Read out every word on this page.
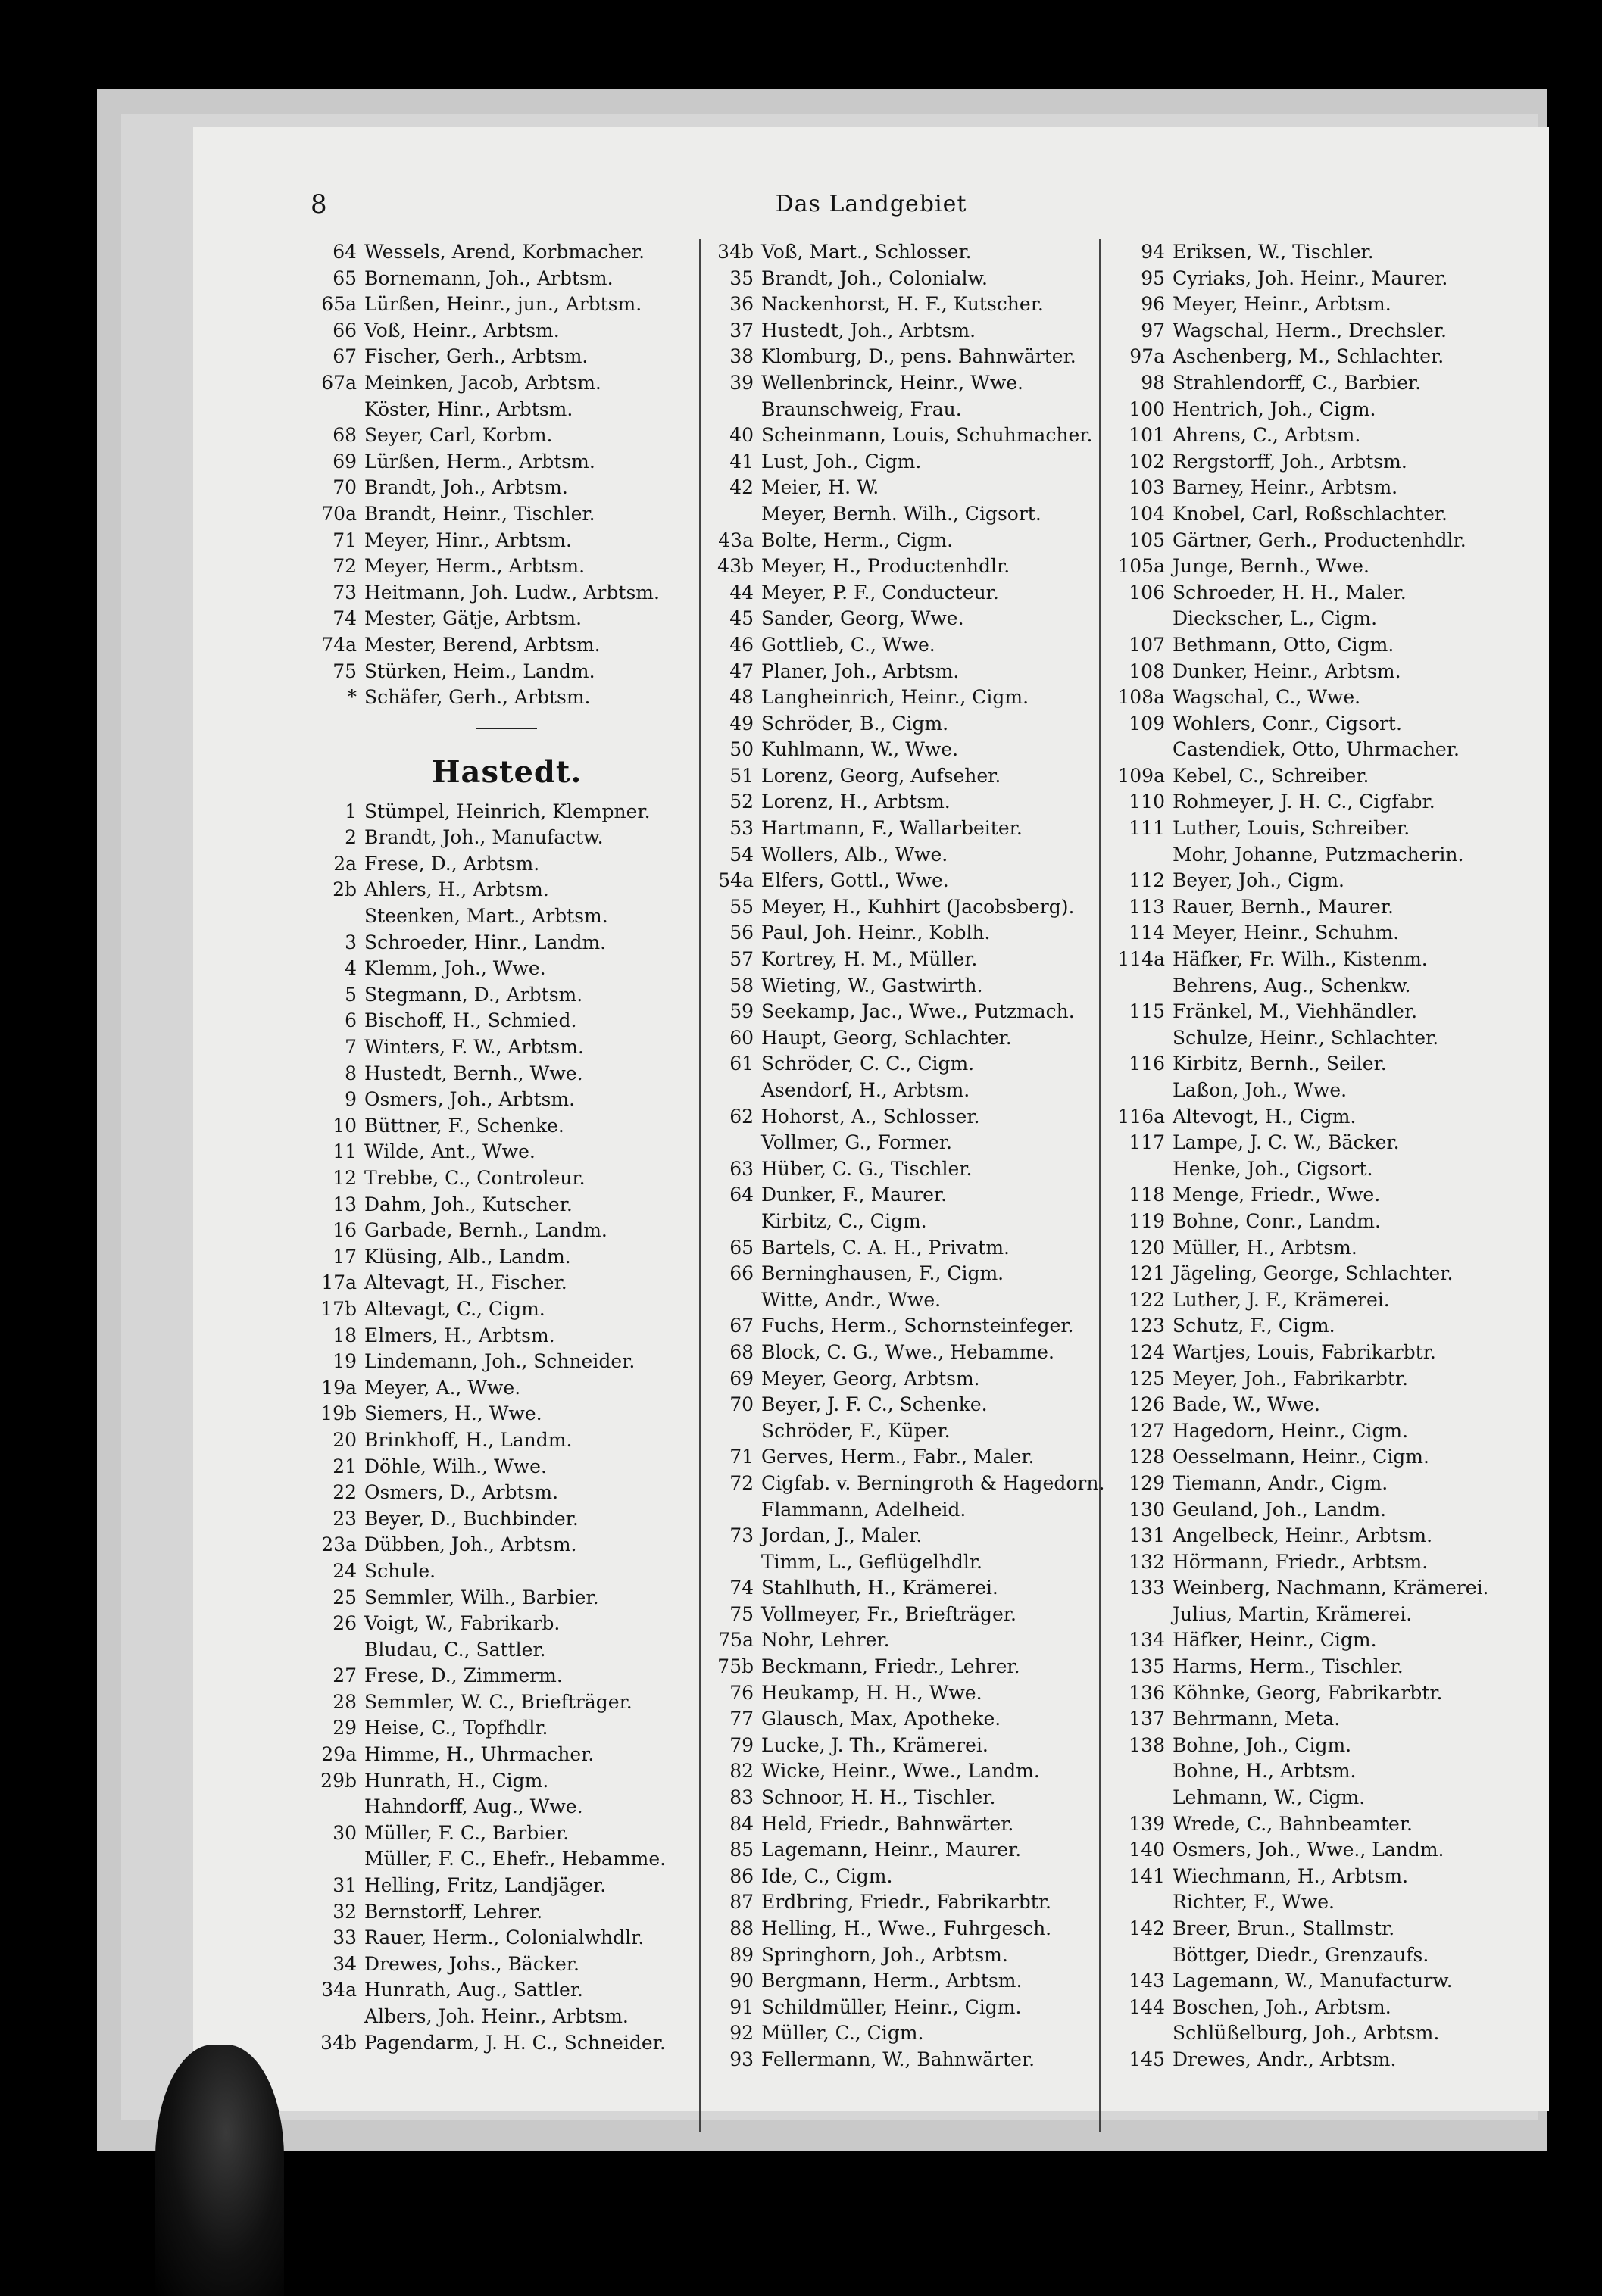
8	Das Landgebiet
64 Wessels, Arend, Korbmacher.
65 Bornemann, Joh., Arbtsm.
65a Lürßen, Heinr., jun., Arbtsm.
66 Voß, Heinr., Arbtsm.
67 Fischer, Gerh., Arbtsm.
67a Meinken, Jacob, Arbtsm.
Köster, Hinr., Arbtsm.
68 Seyer, Carl, Korbm.
69 Lürßen, Herm., Arbtsm.
70 Brandt, Joh., Arbtsm.
70a Brandt, Heinr., Tischler.
71 Meyer, Hinr., Arbtsm.
72 Meyer, Herm., Arbtsm.
73 Heitmann, Joh. Ludw., Arbtsm.
74 Mester, Gätje, Arbtsm.
74a Mester, Berend, Arbtsm.
75 Stürken, Heim., Landm.
* Schäfer, Gerh., Arbtsm.
Hastedt.
1 Stümpel, Heinrich, Klempner.
2 Brandt, Joh., Manufactw.
2a Frese, D., Arbtsm.
2b Ahlers, H., Arbtsm.
Steenken, Mart., Arbtsm.
3 Schroeder, Hinr., Landm.
4 Klemm, Joh., Wwe.
5 Stegmann, D., Arbtsm.
6 Bischoff, H., Schmied.
7 Winters, F. W., Arbtsm.
8 Hustedt, Bernh., Wwe.
9 Osmers, Joh., Arbtsm.
10 Büttner, F., Schenke.
11 Wilde, Ant., Wwe.
12 Trebbe, C., Controleur.
13 Dahm, Joh., Kutscher.
16 Garbade, Bernh., Landm.
17 Klüsing, Alb., Landm.
17a Altevagt, H., Fischer.
17b Altevagt, C., Cigm.
18 Elmers, H., Arbtsm.
19 Lindemann, Joh., Schneider.
19a Meyer, A., Wwe.
19b Siemers, H., Wwe.
20 Brinkhoff, H., Landm.
21 Döhle, Wilh., Wwe.
22 Osmers, D., Arbtsm.
23 Beyer, D., Buchbinder.
23a Dübben, Joh., Arbtsm.
24 Schule.
25 Semmler, Wilh., Barbier.
26 Voigt, W., Fabrikarb.
Bludau, C., Sattler.
27 Frese, D., Zimmerm.
28 Semmler, W. C., Briefträger.
29 Heise, C., Topfhdlr.
29a Himme, H., Uhrmacher.
29b Hunrath, H., Cigm.
Hahndorff, Aug., Wwe.
30 Müller, F. C., Barbier.
Müller, F. C., Ehefr., Hebamme.
31 Helling, Fritz, Landjäger.
32 Bernstorff, Lehrer.
33 Rauer, Herm., Colonialwhdlr.
34 Drewes, Johs., Bäcker.
34a Hunrath, Aug., Sattler.
Albers, Joh. Heinr., Arbtsm.
34b Pagendarm, J. H. C., Schneider.
34b Voß, Mart., Schlosser.
35 Brandt, Joh., Colonialw.
36 Nackenhorst, H. F., Kutscher.
37 Hustedt, Joh., Arbtsm.
38 Klomburg, D., pens. Bahnwärter.
39 Wellenbrinck, Heinr., Wwe.
Braunschweig, Frau.
40 Scheinmann, Louis, Schuhmacher.
41 Lust, Joh., Cigm.
42 Meier, H. W.
Meyer, Bernh. Wilh., Cigsort.
43a Bolte, Herm., Cigm.
43b Meyer, H., Productenhdlr.
44 Meyer, P. F., Conducteur.
45 Sander, Georg, Wwe.
46 Gottlieb, C., Wwe.
47 Planer, Joh., Arbtsm.
48 Langheinrich, Heinr., Cigm.
49 Schröder, B., Cigm.
50 Kuhlmann, W., Wwe.
51 Lorenz, Georg, Aufseher.
52 Lorenz, H., Arbtsm.
53 Hartmann, F., Wallarbeiter.
54 Wollers, Alb., Wwe.
54a Elfers, Gottl., Wwe.
55 Meyer, H., Kuhhirt (Jacobsberg).
56 Paul, Joh. Heinr., Koblh.
57 Kortrey, H. M., Müller.
58 Wieting, W., Gastwirth.
59 Seekamp, Jac., Wwe., Putzmach.
60 Haupt, Georg, Schlachter.
61 Schröder, C. C., Cigm.
Asendorf, H., Arbtsm.
62 Hohorst, A., Schlosser.
Vollmer, G., Former.
63 Hüber, C. G., Tischler.
64 Dunker, F., Maurer.
Kirbitz, C., Cigm.
65 Bartels, C. A. H., Privatm.
66 Berninghausen, F., Cigm.
Witte, Andr., Wwe.
67 Fuchs, Herm., Schornsteinfeger.
68 Block, C. G., Wwe., Hebamme.
69 Meyer, Georg, Arbtsm.
70 Beyer, J. F. C., Schenke.
Schröder, F., Küper.
71 Gerves, Herm., Fabr., Maler.
72 Cigfab. v. Berningroth & Hagedorn.
Flammann, Adelheid.
73 Jordan, J., Maler.
Timm, L., Geflügelhdlr.
74 Stahlhuth, H., Krämerei.
75 Vollmeyer, Fr., Briefträger.
75a Nohr, Lehrer.
75b Beckmann, Friedr., Lehrer.
76 Heukamp, H. H., Wwe.
77 Glausch, Max, Apotheke.
79 Lucke, J. Th., Krämerei.
82 Wicke, Heinr., Wwe., Landm.
83 Schnoor, H. H., Tischler.
84 Held, Friedr., Bahnwärter.
85 Lagemann, Heinr., Maurer.
86 Ide, C., Cigm.
87 Erdbring, Friedr., Fabrikarbtr.
88 Helling, H., Wwe., Fuhrgesch.
89 Springhorn, Joh., Arbtsm.
90 Bergmann, Herm., Arbtsm.
91 Schildmüller, Heinr., Cigm.
92 Müller, C., Cigm.
93 Fellermann, W., Bahnwärter.
94 Eriksen, W., Tischler.
95 Cyriaks, Joh. Heinr., Maurer.
96 Meyer, Heinr., Arbtsm.
97 Wagschal, Herm., Drechsler.
97a Aschenberg, M., Schlachter.
98 Strahlendorff, C., Barbier.
100 Hentrich, Joh., Cigm.
101 Ahrens, C., Arbtsm.
102 Rergstorff, Joh., Arbtsm.
103 Barney, Heinr., Arbtsm.
104 Knobel, Carl, Roßschlachter.
105 Gärtner, Gerh., Productenhdlr.
105a Junge, Bernh., Wwe.
106 Schroeder, H. H., Maler.
Dieckscher, L., Cigm.
107 Bethmann, Otto, Cigm.
108 Dunker, Heinr., Arbtsm.
108a Wagschal, C., Wwe.
109 Wohlers, Conr., Cigsort.
Castendiek, Otto, Uhrmacher.
109a Kebel, C., Schreiber.
110 Rohmeyer, J. H. C., Cigfabr.
111 Luther, Louis, Schreiber.
Mohr, Johanne, Putzmacherin.
112 Beyer, Joh., Cigm.
113 Rauer, Bernh., Maurer.
114 Meyer, Heinr., Schuhm.
114a Häfker, Fr. Wilh., Kistenm.
Behrens, Aug., Schenkw.
115 Fränkel, M., Viehhändler.
Schulze, Heinr., Schlachter.
116 Kirbitz, Bernh., Seiler.
Laßon, Joh., Wwe.
116a Altevogt, H., Cigm.
117 Lampe, J. C. W., Bäcker.
Henke, Joh., Cigsort.
118 Menge, Friedr., Wwe.
119 Bohne, Conr., Landm.
120 Müller, H., Arbtsm.
121 Jägeling, George, Schlachter.
122 Luther, J. F., Krämerei.
123 Schutz, F., Cigm.
124 Wartjes, Louis, Fabrikarbtr.
125 Meyer, Joh., Fabrikarbtr.
126 Bade, W., Wwe.
127 Hagedorn, Heinr., Cigm.
128 Oesselmann, Heinr., Cigm.
129 Tiemann, Andr., Cigm.
130 Geuland, Joh., Landm.
131 Angelbeck, Heinr., Arbtsm.
132 Hörmann, Friedr., Arbtsm.
133 Weinberg, Nachmann, Krämerei.
Julius, Martin, Krämerei.
134 Häfker, Heinr., Cigm.
135 Harms, Herm., Tischler.
136 Köhnke, Georg, Fabrikarbtr.
137 Behrmann, Meta.
138 Bohne, Joh., Cigm.
Bohne, H., Arbtsm.
Lehmann, W., Cigm.
139 Wrede, C., Bahnbeamter.
140 Osmers, Joh., Wwe., Landm.
141 Wiechmann, H., Arbtsm.
Richter, F., Wwe.
142 Breer, Brun., Stallmstr.
Böttger, Diedr., Grenzaufs.
143 Lagemann, W., Manufacturw.
144 Boschen, Joh., Arbtsm.
Schlüßelburg, Joh., Arbtsm.
145 Drewes, Andr., Arbtsm.
